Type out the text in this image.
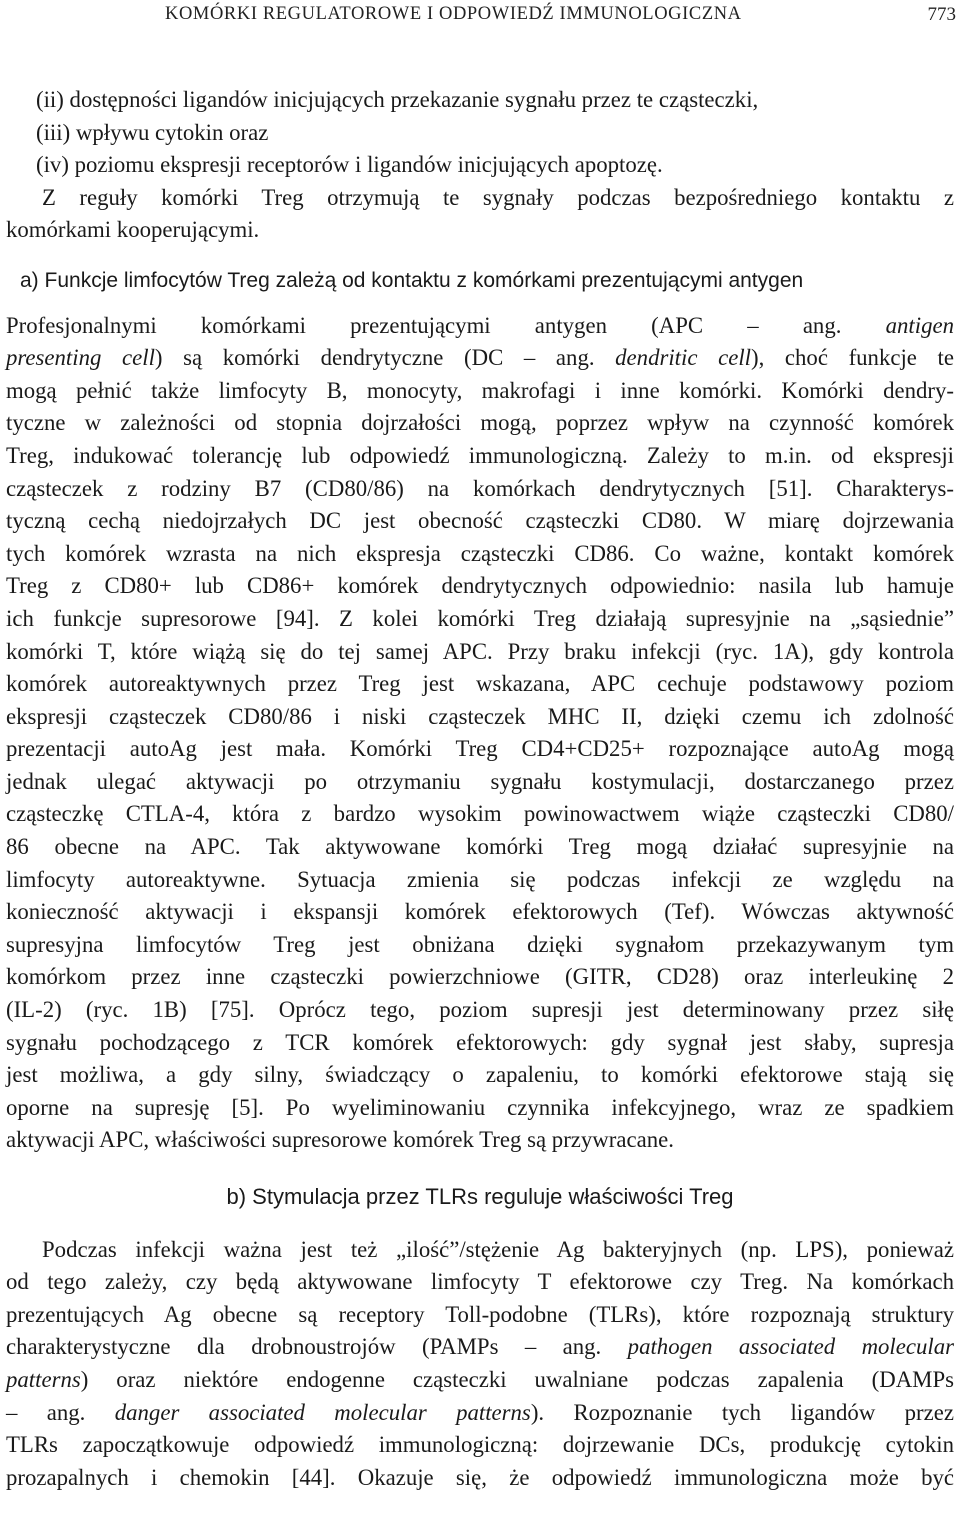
KOMÓRKI REGULATOROWE I ODPOWIEDŹ IMMUNOLOGICZNA	773
(ii) dostępności ligandów inicjujących przekazanie sygnału przez te cząsteczki,
(iii) wpływu cytokin oraz
(iv) poziomu ekspresji receptorów i ligandów inicjujących apoptozę.
Z reguły komórki Treg otrzymują te sygnały podczas bezpośredniego kontaktu z
komórkami kooperującymi.
a) Funkcje limfocytów Treg zależą od kontaktu z komórkami prezentującymi antygen
Profesjonalnymi komórkami prezentującymi antygen (APC – ang. antigen
presenting cell) są komórki dendrytyczne (DC – ang. dendritic cell), choć funkcje te
mogą pełnić także limfocyty B, monocyty, makrofagi i inne komórki. Komórki dendry-
tyczne w zależności od stopnia dojrzałości mogą, poprzez wpływ na czynność komórek
Treg, indukować tolerancję lub odpowiedź immunologiczną. Zależy to m.in. od ekspresji
cząsteczek z rodziny B7 (CD80/86) na komórkach dendrytycznych [51]. Charakterys-
tyczną cechą niedojrzałych DC jest obecność cząsteczki CD80. W miarę dojrzewania
tych komórek wzrasta na nich ekspresja cząsteczki CD86. Co ważne, kontakt komórek
Treg z CD80+ lub CD86+ komórek dendrytycznych odpowiednio: nasila lub hamuje
ich funkcje supresorowe [94]. Z kolei komórki Treg działają supresyjnie na „sąsiednie”
komórki T, które wiążą się do tej samej APC. Przy braku infekcji (ryc. 1A), gdy kontrola
komórek autoreaktywnych przez Treg jest wskazana, APC cechuje podstawowy poziom
ekspresji cząsteczek CD80/86 i niski cząsteczek MHC II, dzięki czemu ich zdolność
prezentacji autoAg jest mała. Komórki Treg CD4+CD25+ rozpoznające autoAg mogą
jednak ulegać aktywacji po otrzymaniu sygnału kostymulacji, dostarczanego przez
cząsteczkę CTLA-4, która z bardzo wysokim powinowactwem wiąże cząsteczki CD80/
86 obecne na APC. Tak aktywowane komórki Treg mogą działać supresyjnie na
limfocyty autoreaktywne. Sytuacja zmienia się podczas infekcji ze względu na
konieczność aktywacji i ekspansji komórek efektorowych (Tef). Wówczas aktywność
supresyjna limfocytów Treg jest obniżana dzięki sygnałom przekazywanym tym
komórkom przez inne cząsteczki powierzchniowe (GITR, CD28) oraz interleukinę 2
(IL-2) (ryc. 1B) [75]. Oprócz tego, poziom supresji jest determinowany przez siłę
sygnału pochodzącego z TCR komórek efektorowych: gdy sygnał jest słaby, supresja
jest możliwa, a gdy silny, świadczący o zapaleniu, to komórki efektorowe stają się
oporne na supresję [5]. Po wyeliminowaniu czynnika infekcyjnego, wraz ze spadkiem
aktywacji APC, właściwości supresorowe komórek Treg są przywracane.
b) Stymulacja przez TLRs reguluje właściwości Treg
Podczas infekcji ważna jest też „ilość”/stężenie Ag bakteryjnych (np. LPS), ponieważ
od tego zależy, czy będą aktywowane limfocyty T efektorowe czy Treg. Na komórkach
prezentujących Ag obecne są receptory Toll-podobne (TLRs), które rozpoznają struktury
charakterystyczne dla drobnoustrojów (PAMPs – ang. pathogen associated molecular
patterns) oraz niektóre endogenne cząsteczki uwalniane podczas zapalenia (DAMPs
– ang. danger associated molecular patterns). Rozpoznanie tych ligandów przez
TLRs zapoczątkowuje odpowiedź immunologiczną: dojrzewanie DCs, produkcję cytokin
prozapalnych i chemokin [44]. Okazuje się, że odpowiedź immunologiczna może być
